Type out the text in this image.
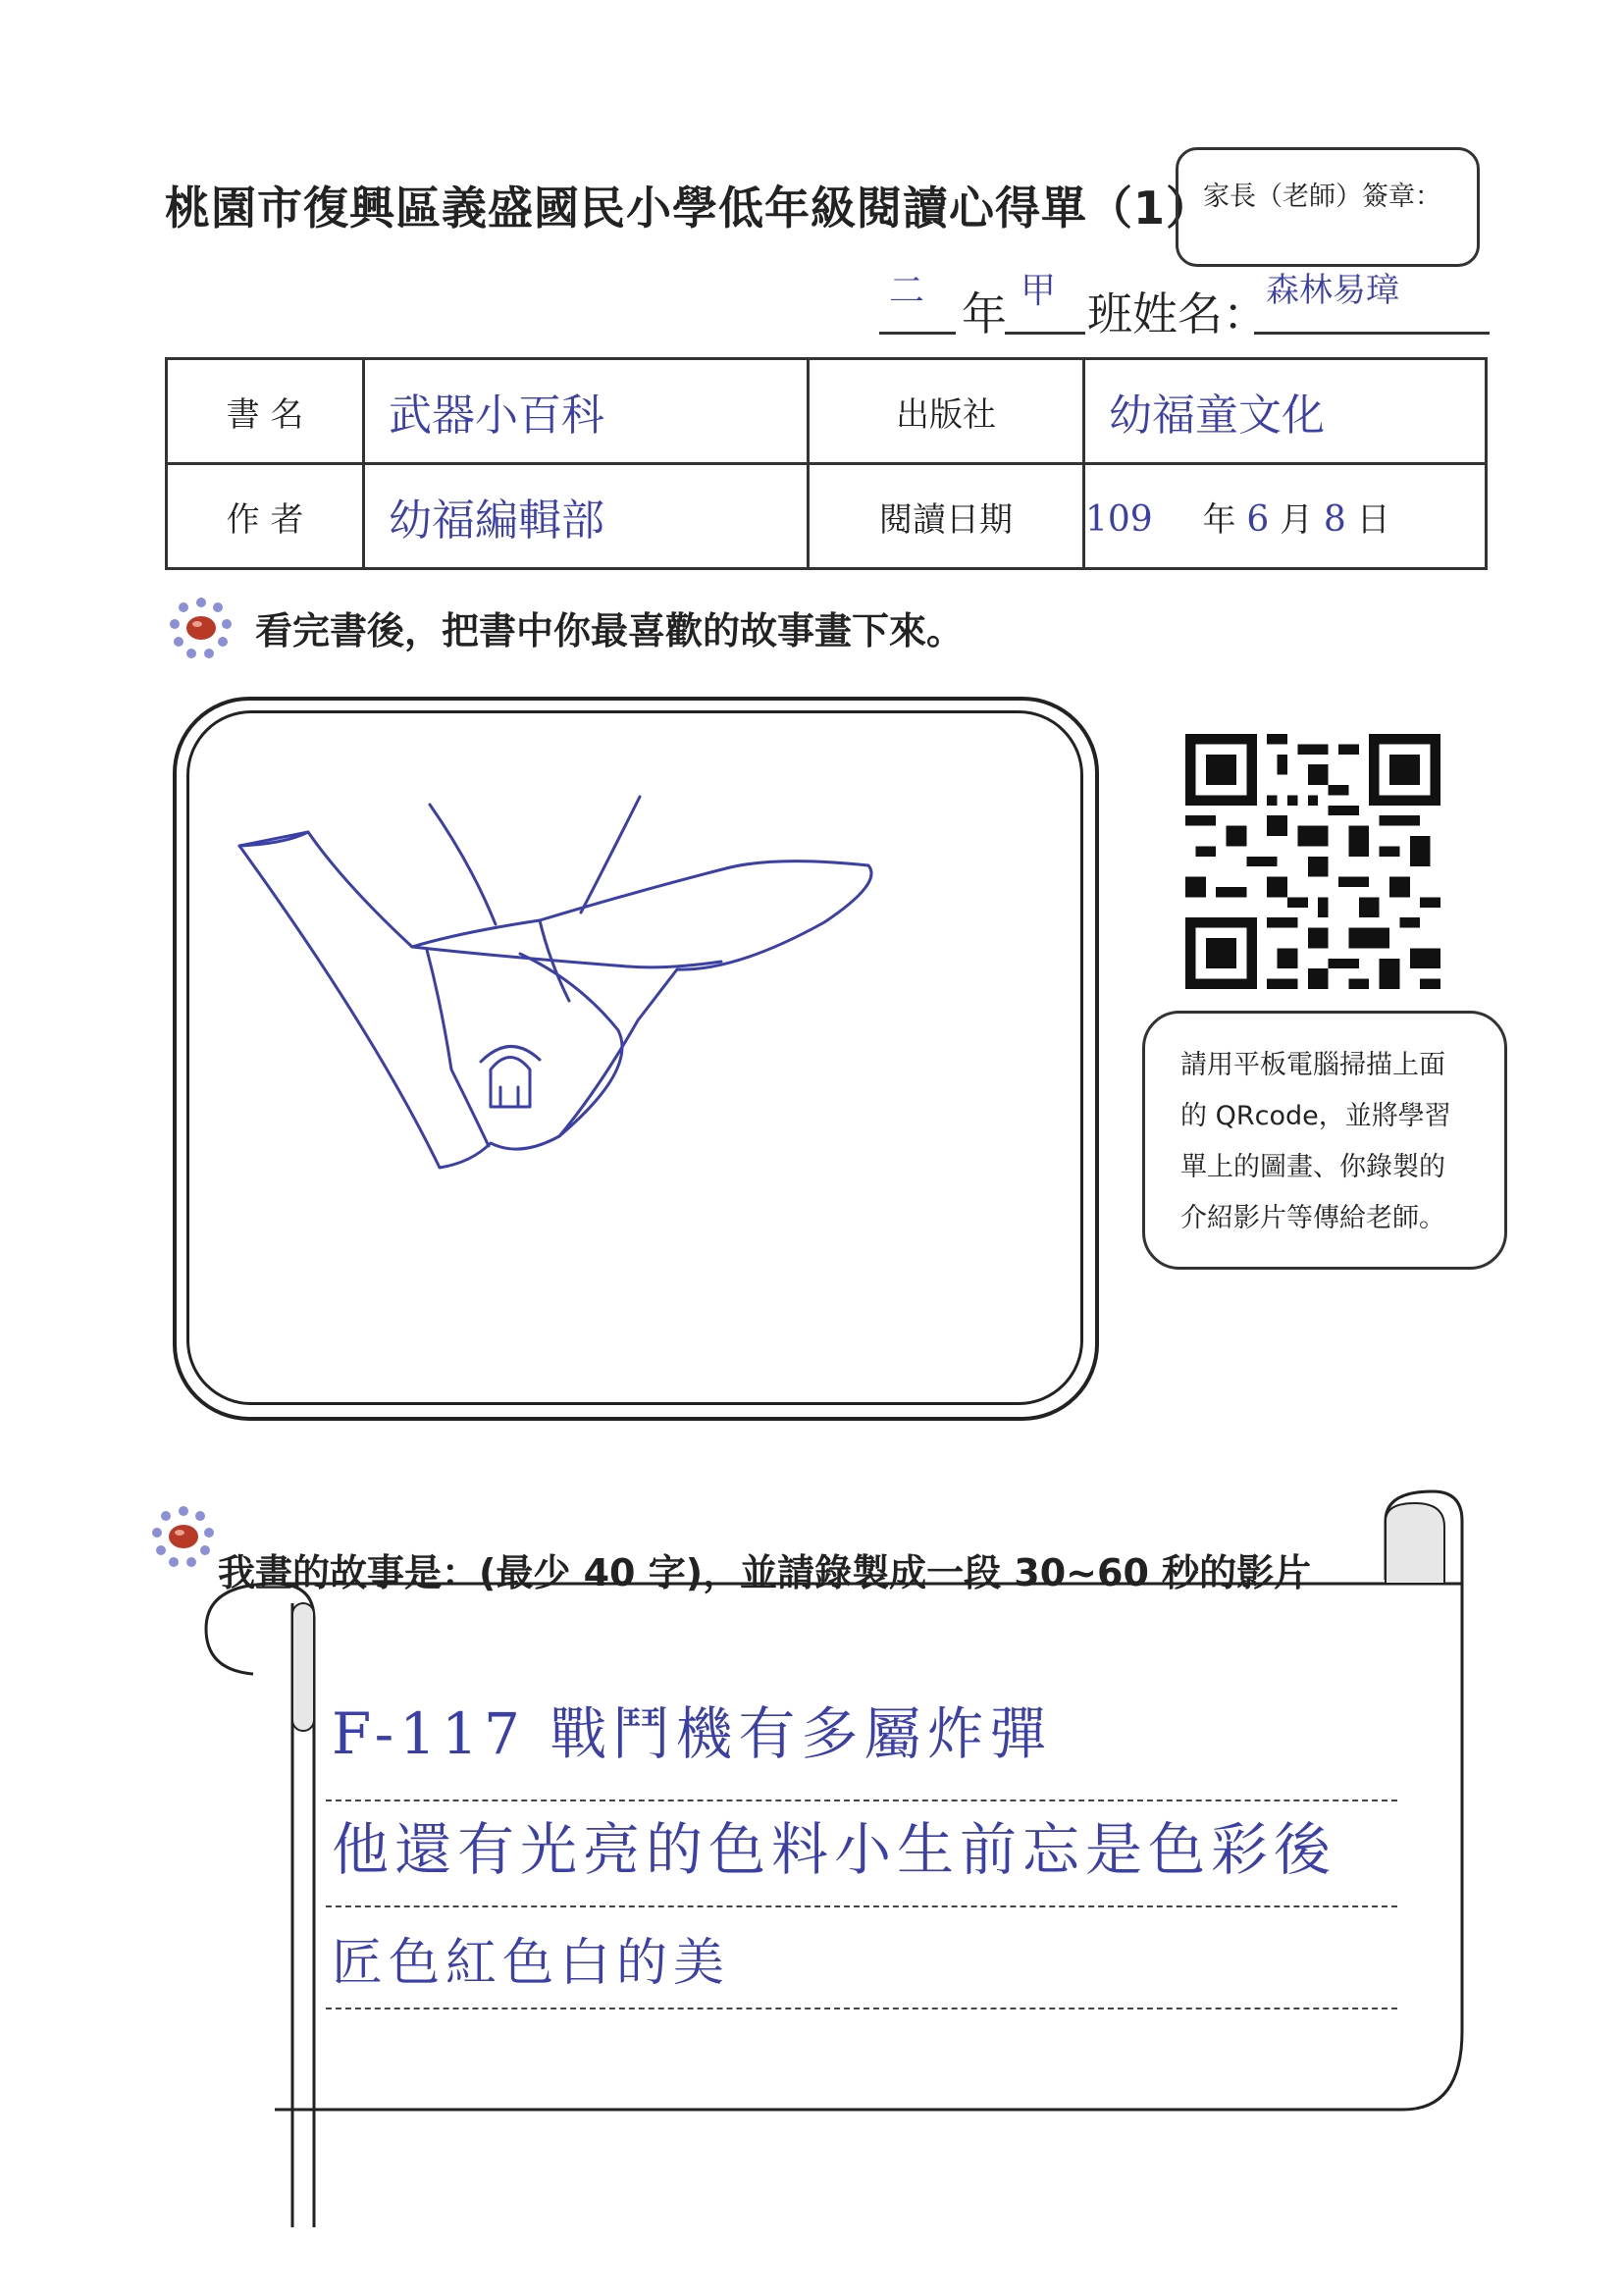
桃園市復興區義盛國民小學低年級閱讀心得單（1）
家長（老師）簽章：
二 年 甲 班姓名：
森林易璋
書 名	武器小百科	出版社	幼福童文化
作 者	幼福編輯部	閱讀日期	109 年 6 月 8 日
看完書後，把書中你最喜歡的故事畫下來。

請用平板電腦掃描上面

的 QRcode，並將學習

單上的圖畫、你錄製的

介紹影片等傳給老師。

我畫的故事是：(最少 40 字)，並請錄製成一段 30~60 秒的影片
F-117 戰鬥機有多屬炸彈
他還有光亮的色料小生前忘是色彩後
匠色紅色白的美
